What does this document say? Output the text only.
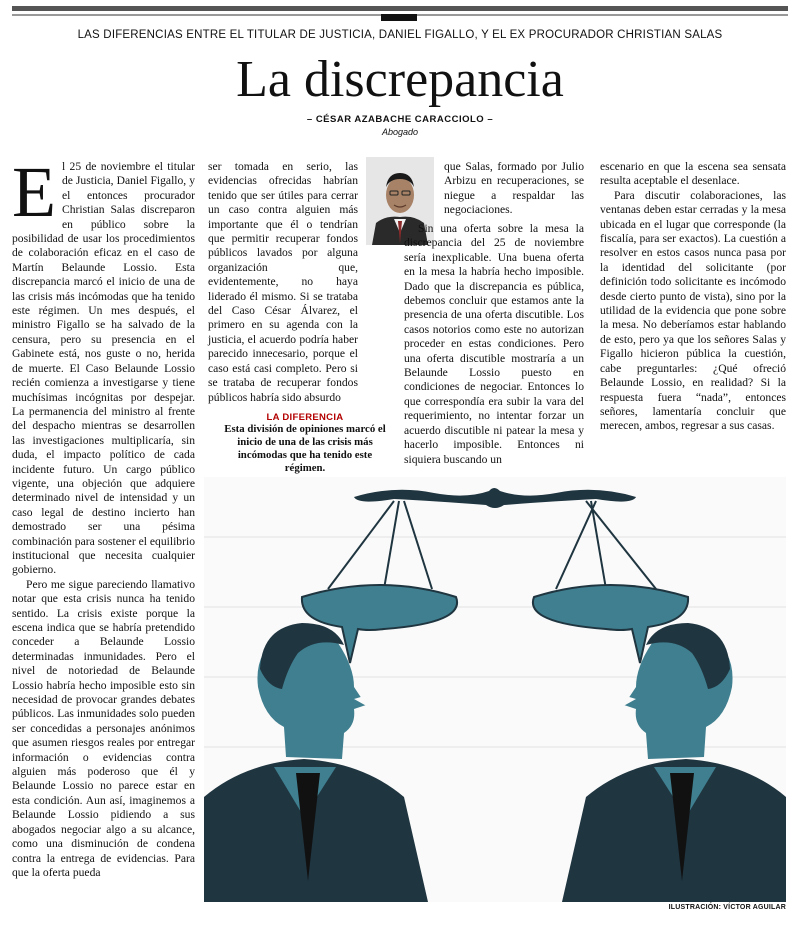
LAS DIFERENCIAS ENTRE EL TITULAR DE JUSTICIA, DANIEL FIGALLO, Y EL EX PROCURADOR CHRISTIAN SALAS
La discrepancia
– CÉSAR AZABACHE CARACCIOLO –
Abogado

El 25 de noviembre el titular de Justicia, Daniel Figallo, y el entonces procurador Christian Salas discreparon en público sobre la posibilidad de usar los procedimientos de colaboración eficaz en el caso de Martín Belaunde Lossio. Esta discrepancia marcó el inicio de una de las crisis más incómodas que ha tenido este régimen. Un mes después, el ministro Figallo se ha salvado de la censura, pero su presencia en el Gabinete está, nos guste o no, herida de muerte. El Caso Belaunde Lossio recién comienza a investigarse y tiene muchísimas incógnitas por despejar. La permanencia del ministro al frente del despacho mientras se desarrollen las investigaciones multiplicaría, sin duda, el impacto político de cada incidente futuro. Un cargo público vigente, una objeción que adquiere determinado nivel de intensidad y un caso legal de destino incierto han demostrado ser una pésima combinación para sostener el equilibrio institucional que necesita cualquier gobierno.

Pero me sigue pareciendo llamativo notar que esta crisis nunca ha tenido sentido. La crisis existe porque la escena indica que se habría pretendido conceder a Belaunde Lossio determinadas inmunidades. Pero el nivel de notoriedad de Belaunde Lossio habría hecho imposible esto sin necesidad de provocar grandes debates públicos. Las inmunidades solo pueden ser concedidas a personajes anónimos que asumen riesgos reales por entregar información o evidencias contra alguien más poderoso que él y Belaunde Lossio no parece estar en esta condición. Aun así, imaginemos a Belaunde Lossio pidiendo a sus abogados negociar algo a su alcance, como una disminución de condena contra la entrega de evidencias. Para que la oferta pueda

ser tomada en serio, las evidencias ofrecidas habrían tenido que ser útiles para cerrar un caso contra alguien más importante que él o tendrían que permitir recuperar fondos públicos lavados por alguna organización que, evidentemente, no haya liderado él mismo. Si se trataba del Caso César Álvarez, el primero en su agenda con la justicia, el acuerdo podría haber parecido innecesario, porque el caso está casi completo. Pero si se trataba de recuperar fondos públicos habría sido absurdo

LA DIFERENCIA
Esta división de opiniones marcó el inicio de una de las crisis más incómodas que ha tenido este régimen.

que Salas, formado por Julio Arbizu en recuperaciones, se niegue a respaldar las negociaciones.

Sin una oferta sobre la mesa la discrepancia del 25 de noviembre sería inexplicable. Una buena oferta en la mesa la habría hecho imposible. Dado que la discrepancia es pública, debemos concluir que estamos ante la presencia de una oferta discutible. Los casos notorios como este no autorizan proceder en estas condiciones. Pero una oferta discutible mostraría a un Belaunde Lossio puesto en condiciones de negociar. Entonces lo que correspondía era subir la vara del requerimiento, no intentar forzar un acuerdo discutible ni patear la mesa y hacerlo imposible. Entonces ni siquiera buscando un

escenario en que la escena sea sensata resulta aceptable el desenlace.

Para discutir colaboraciones, las ventanas deben estar cerradas y la mesa ubicada en el lugar que corresponde (la fiscalía, para ser exactos). La cuestión a resolver en estos casos nunca pasa por la identidad del solicitante (por definición todo solicitante es incómodo desde cierto punto de vista), sino por la utilidad de la evidencia que pone sobre la mesa. No deberíamos estar hablando de esto, pero ya que los señores Salas y Figallo hicieron pública la cuestión, cabe preguntarles: ¿Qué ofreció Belaunde Lossio, en realidad? Si la respuesta fuera “nada”, entonces señores, lamentaría concluir que merecen, ambos, regresar a sus casas.

ILUSTRACIÓN: VÍCTOR AGUILAR
